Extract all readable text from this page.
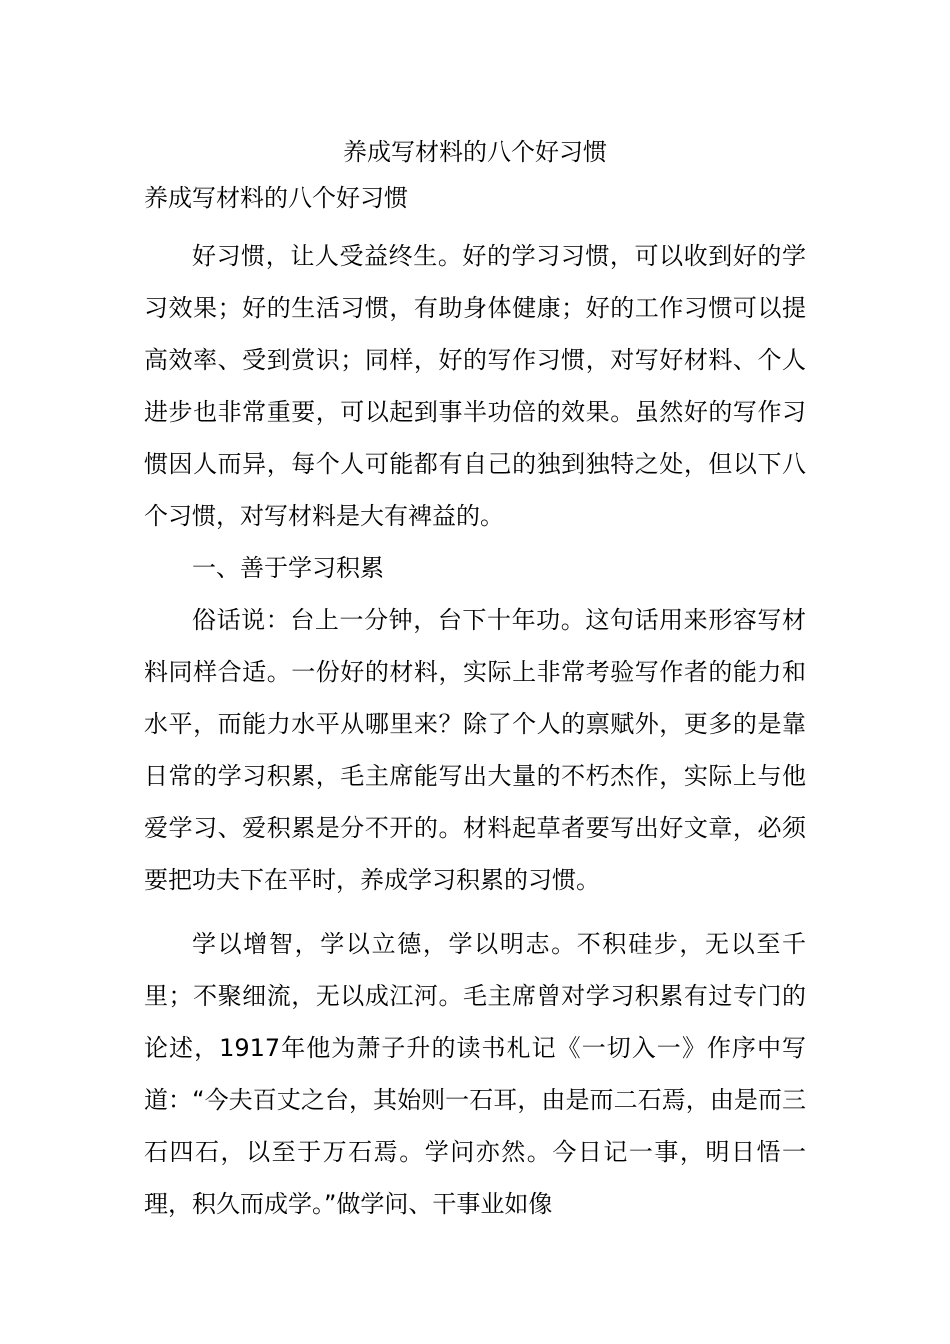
养成写材料的八个好习惯
养成写材料的八个好习惯

好习惯，让人受益终生。好的学习习惯，可以收到好的学习效果；好的生活习惯，有助身体健康；好的工作习惯可以提高效率、受到赏识；同样，好的写作习惯，对写好材料、个人进步也非常重要，可以起到事半功倍的效果。虽然好的写作习惯因人而异，每个人可能都有自己的独到独特之处，但以下八个习惯，对写材料是大有裨益的。

一、善于学习积累

俗话说：台上一分钟，台下十年功。这句话用来形容写材料同样合适。一份好的材料，实际上非常考验写作者的能力和水平，而能力水平从哪里来？除了个人的禀赋外，更多的是靠日常的学习积累，毛主席能写出大量的不朽杰作，实际上与他爱学习、爱积累是分不开的。材料起草者要写出好文章，必须要把功夫下在平时，养成学习积累的习惯。

学以增智，学以立德，学以明志。不积硅步，无以至千里；不聚细流，无以成江河。毛主席曾对学习积累有过专门的论述，1917年他为萧子升的读书札记《一切入一》作序中写道：“今夫百丈之台，其始则一石耳，由是而二石焉，由是而三石四石，以至于万石焉。学问亦然。今日记一事，明日悟一理，积久而成学。”做学问、干事业如像
